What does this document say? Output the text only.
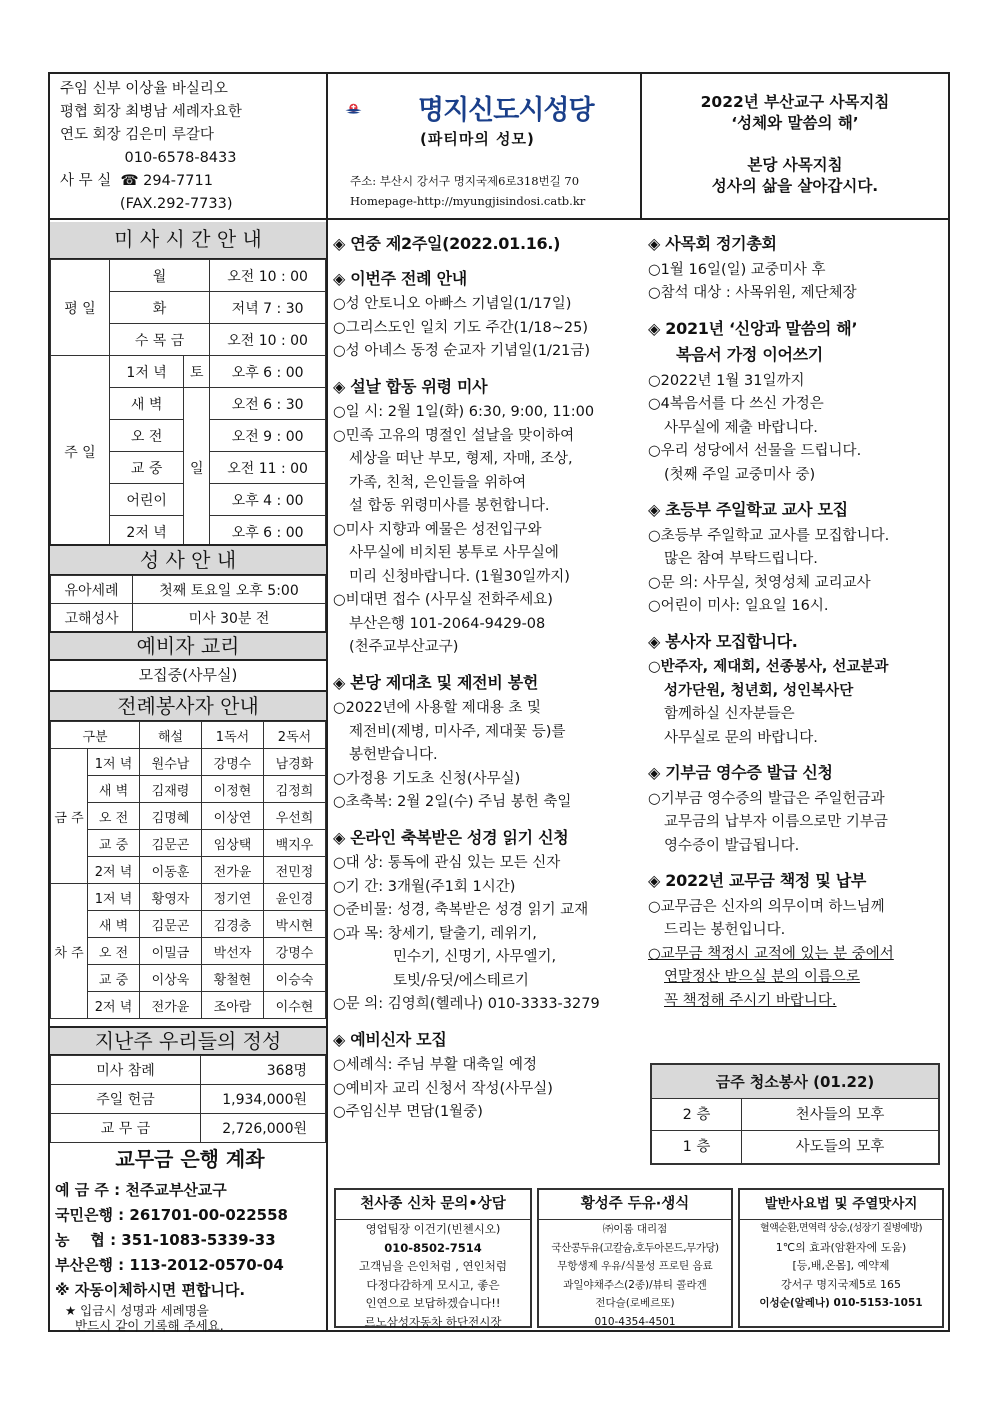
주임 신부 이상율 바실리오
평협 회장 최병남 세례자요한
연도 회장 김은미 루갈다
010-6578-8433
사 무 실  ☎ 294-7711
(FAX.292-7733)
명지신도시성당
(파티마의 성모)
주소: 부산시 강서구 명지국제6로318번길 70
Homepage-http://myungjisindosi.catb.kr
2022년 부산교구 사목지침
‘성체와 말씀의 해’
본당 사목지침
성사의 삶을 살아갑시다.
미 사 시 간 안 내
평 일	월		오전 10 : 00
	화		저녁 7 : 30
	수 목 금		오전 10 : 00
주 일	1저 녁	토	오후 6 : 00
	새 벽	일	오전 6 : 30
	오 전		오전 9 : 00
	교 중		오전 11 : 00
	어린이		오후 4 : 00
	2저 녁		오후 6 : 00
성 사 안 내
유아세례	첫째 토요일 오후 5:00
고해성사	미사 30분 전
예비자 교리
모집중(사무실)
전례봉사자 안내
구분		해설	1독서	2독서
금 주	1저 녁	원수남	강명수	남경화
	새 벽	김재령	이정현	김정희
	오 전	김명혜	이상연	우선희
	교 중	김문곤	임상택	백지우
	2저 녁	이동훈	전가윤	전민정
차 주	1저 녁	황영자	정기연	윤인경
	새 벽	김문곤	김경충	박시현
	오 전	이밀금	박선자	강명수
	교 중	이상욱	황철현	이승숙
	2저 녁	전가윤	조아람	이수현
지난주 우리들의 정성
미사 참례	368명
주일 헌금	1,934,000원
교 무 금	2,726,000원
교무금 은행 계좌
예 금 주 : 천주교부산교구
국민은행 : 261701-00-022558
농    협 : 351-1083-5339-33
부산은행 : 113-2012-0570-04
※ 자동이체하시면 편합니다.
★ 입금시 성명과 세례명을
반드시 같이 기록해 주세요.
◈ 연중 제2주일(2022.01.16.)
◈ 이번주 전례 안내
○성 안토니오 아빠스 기념일(1/17일)
○그리스도인 일치 기도 주간(1/18~25)
○성 아녜스 동정 순교자 기념일(1/21금)
◈ 설날 합동 위령 미사
○일 시: 2월 1일(화) 6:30, 9:00, 11:00
○민족 고유의 명절인 설날을 맞이하여
세상을 떠난 부모, 형제, 자매, 조상,
가족, 친척, 은인들을 위하여
설 합동 위령미사를 봉헌합니다.
○미사 지향과 예물은 성전입구와
사무실에 비치된 봉투로 사무실에
미리 신청바랍니다. (1월30일까지)
○비대면 접수 (사무실 전화주세요)
부산은행 101-2064-9429-08
(천주교부산교구)
◈ 본당 제대초 및 제전비 봉헌
○2022년에 사용할 제대용 초 및
제전비(제병, 미사주, 제대꽃 등)를
봉헌받습니다.
○가정용 기도초 신청(사무실)
○초축복: 2월 2일(수) 주님 봉헌 축일
◈ 온라인 축복받은 성경 읽기 신청
○대 상: 통독에 관심 있는 모든 신자
○기 간: 3개월(주1회 1시간)
○준비물: 성경, 축복받은 성경 읽기 교재
○과 목: 창세기, 탈출기, 레위기,
민수기, 신명기, 사무엘기,
토빗/유딧/에스테르기
○문 의: 김영희(헬레나) 010-3333-3279
◈ 예비신자 모집
○세례식: 주님 부활 대축일 예정
○예비자 교리 신청서 작성(사무실)
○주임신부 면담(1월중)
◈ 사목회 정기총회
○1월 16일(일) 교중미사 후
○참석 대상 : 사목위원, 제단체장
◈ 2021년 ‘신앙과 말씀의 해’
복음서 가정 이어쓰기
○2022년 1월 31일까지
○4복음서를 다 쓰신 가정은
사무실에 제출 바랍니다.
○우리 성당에서 선물을 드립니다.
(첫째 주일 교중미사 중)
◈ 초등부 주일학교 교사 모집
○초등부 주일학교 교사를 모집합니다.
많은 참여 부탁드립니다.
○문 의: 사무실, 첫영성체 교리교사
○어린이 미사: 일요일 16시.
◈ 봉사자 모집합니다.
○반주자, 제대회, 선종봉사, 선교분과
성가단원, 청년회, 성인복사단
함께하실 신자분들은
사무실로 문의 바랍니다.
◈ 기부금 영수증 발급 신청
○기부금 영수증의 발급은 주일헌금과
교무금의 납부자 이름으로만 기부금
영수증이 발급됩니다.
◈ 2022년 교무금 책정 및 납부
○교무금은 신자의 의무이며 하느님께
드리는 봉헌입니다.
○교무금 책정시 교적에 있는 분 중에서
연말정산 받으실 분의 이름으로
꼭 책정해 주시기 바랍니다.
금주 청소봉사 (01.22)
2 층	천사들의 모후
1 층	사도들의 모후
천사종 신차 문의•상담
영업팀장 이건기(빈첸시오)
010-8502-7514
고객님을 은인처럼 , 연인처럼
다정다감하게 모시고, 좋은
인연으로 보답하겠습니다!!
르노삼성자동차 하단전시장
황성주 두유·생식
㈜이롬 대리점
국산콩두유(고칼슘,호두아몬드,무가당)
무항생제 우유/식물성 프로틴 음료
과일야채주스(2종)/뷰티 콜라겐
전다슬(로베르또)
010-4354-4501
발반사요법 및 주열맛사지
혈액순환,면역력 상승,(성장기 질병예방)
1℃의 효과(암환자에 도움)
[등,배,온몸], 예약제
강서구 명지국제5로 165
이성순(알레나) 010-5153-1051
